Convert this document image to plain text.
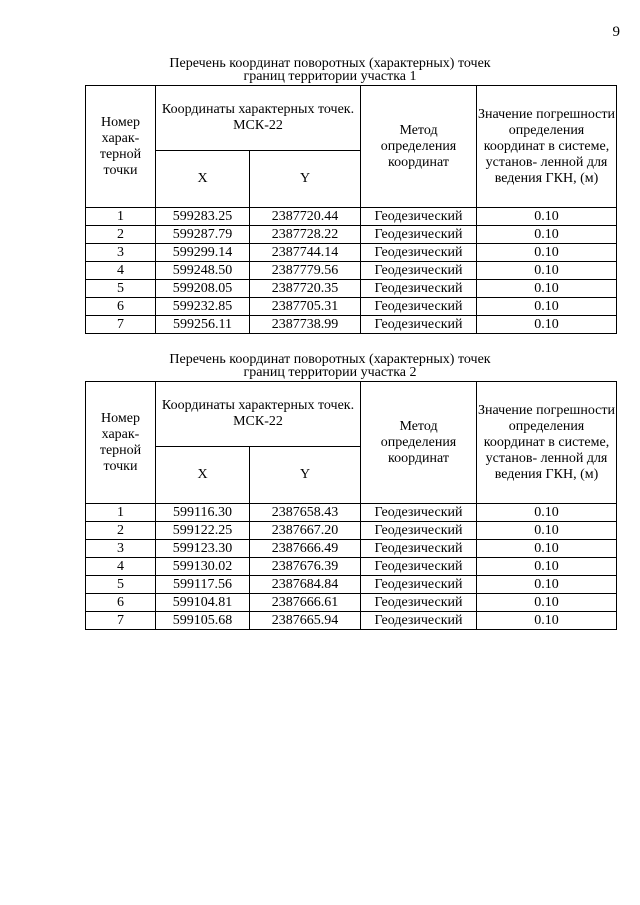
9
Перечень координат поворотных (характерных) точек
границ территории участка 1
Номер харак- терной точки	Координаты характерных точек. МСК-22		Метод определения координат	Значение погрешности определения координат в системе, установ- ленной для ведения ГКН, (м)

	X	Y		
1	599283.25	2387720.44	Геодезический	0.10
2	599287.79	2387728.22	Геодезический	0.10
3	599299.14	2387744.14	Геодезический	0.10
4	599248.50	2387779.56	Геодезический	0.10
5	599208.05	2387720.35	Геодезический	0.10
6	599232.85	2387705.31	Геодезический	0.10
7	599256.11	2387738.99	Геодезический	0.10
Перечень координат поворотных (характерных) точек
границ территории участка 2
Номер харак- терной точки	Координаты характерных точек. МСК-22		Метод определения координат	Значение погрешности определения координат в системе, установ- ленной для ведения ГКН, (м)

	X	Y		
1	599116.30	2387658.43	Геодезический	0.10
2	599122.25	2387667.20	Геодезический	0.10
3	599123.30	2387666.49	Геодезический	0.10
4	599130.02	2387676.39	Геодезический	0.10
5	599117.56	2387684.84	Геодезический	0.10
6	599104.81	2387666.61	Геодезический	0.10
7	599105.68	2387665.94	Геодезический	0.10
